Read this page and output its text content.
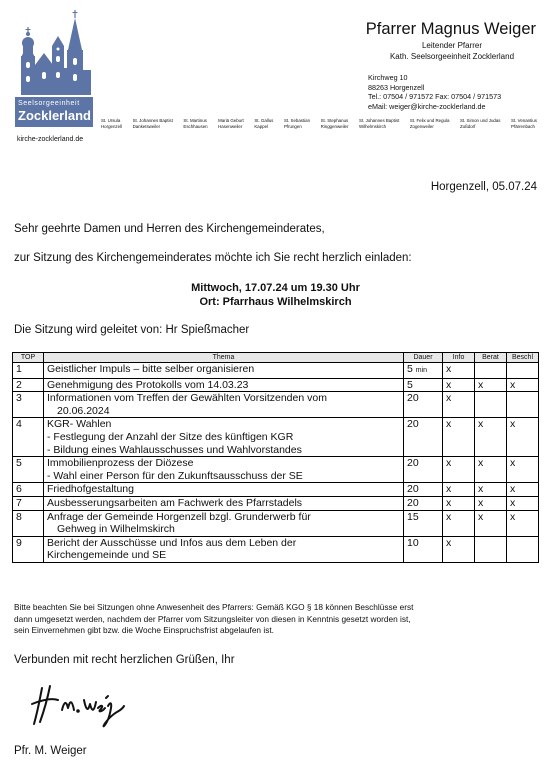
Seelsorgeeinheit
Zocklerland
kirche-zocklerland.de
Pfarrer Magnus Weiger
Leitender Pfarrer
Kath. Seelsorgeeinheit Zocklerland
Kirchweg 10
88263 Horgenzell
Tel.: 07504 / 971572 Fax: 07504 / 971573
eMail: weiger@kirche-zocklerland.de
St. Ursula
Horgenzell
St. Johannes Baptist
Danketsweiler
St. Martinus
Eschhausen
Mariä Geburt
Hasenweiler
St. Gallus
Kappel
St. Sebastian
Pfrungen
St. Stephanus
Ringgenweiler
St. Johannes Baptist
Wilhelmskirch
St. Felix und Regula
Zogenweiler
St. Simon und Judas
Zußdorf
St. Venantius
Pfärrenbach
Horgenzell, 05.07.24
Sehr geehrte Damen und Herren des Kirchengemeinderates,
zur Sitzung des Kirchengemeinderates möchte ich Sie recht herzlich einladen:
Mittwoch, 17.07.24 um 19.30 Uhr
Ort: Pfarrhaus Wilhelmskirch
Die Sitzung wird geleitet von: Hr Spießmacher
TOP	Thema	Dauer	Info	Berat	Beschl
1	Geistlicher Impuls – bitte selber organisieren	5 min	x		
2	Genehmigung des Protokolls vom 14.03.23	5	x	x	x
3	Informationen vom Treffen der Gewählten Vorsitzenden vom
20.06.2024	20	x		
4	KGR- Wahlen
- Festlegung der Anzahl der Sitze des künftigen KGR
- Bildung eines Wahlausschusses und Wahlvorstandes	20	x	x	x
5	Immobilienprozess der Diözese
- Wahl einer Person für den Zukunftsausschuss der SE	20	x	x	x
6	Friedhofgestaltung	20	x	x	x
7	Ausbesserungsarbeiten am Fachwerk des Pfarrstadels	20	x	x	x
8	Anfrage der Gemeinde Horgenzell bzgl. Grunderwerb für
Gehweg in Wilhelmskirch	15	x	x	x
9	Bericht der Ausschüsse und Infos aus dem Leben der
Kirchengemeinde und SE	10	x		
Bitte beachten Sie bei Sitzungen ohne Anwesenheit des Pfarrers: Gemäß KGO § 18 können Beschlüsse erst
dann umgesetzt werden, nachdem der Pfarrer vom Sitzungsleiter von diesen in Kenntnis gesetzt worden ist,
sein Einvernehmen gibt bzw. die Woche Einspruchsfrist abgelaufen ist.
Verbunden mit recht herzlichen Grüßen, Ihr
Pfr. M. Weiger
